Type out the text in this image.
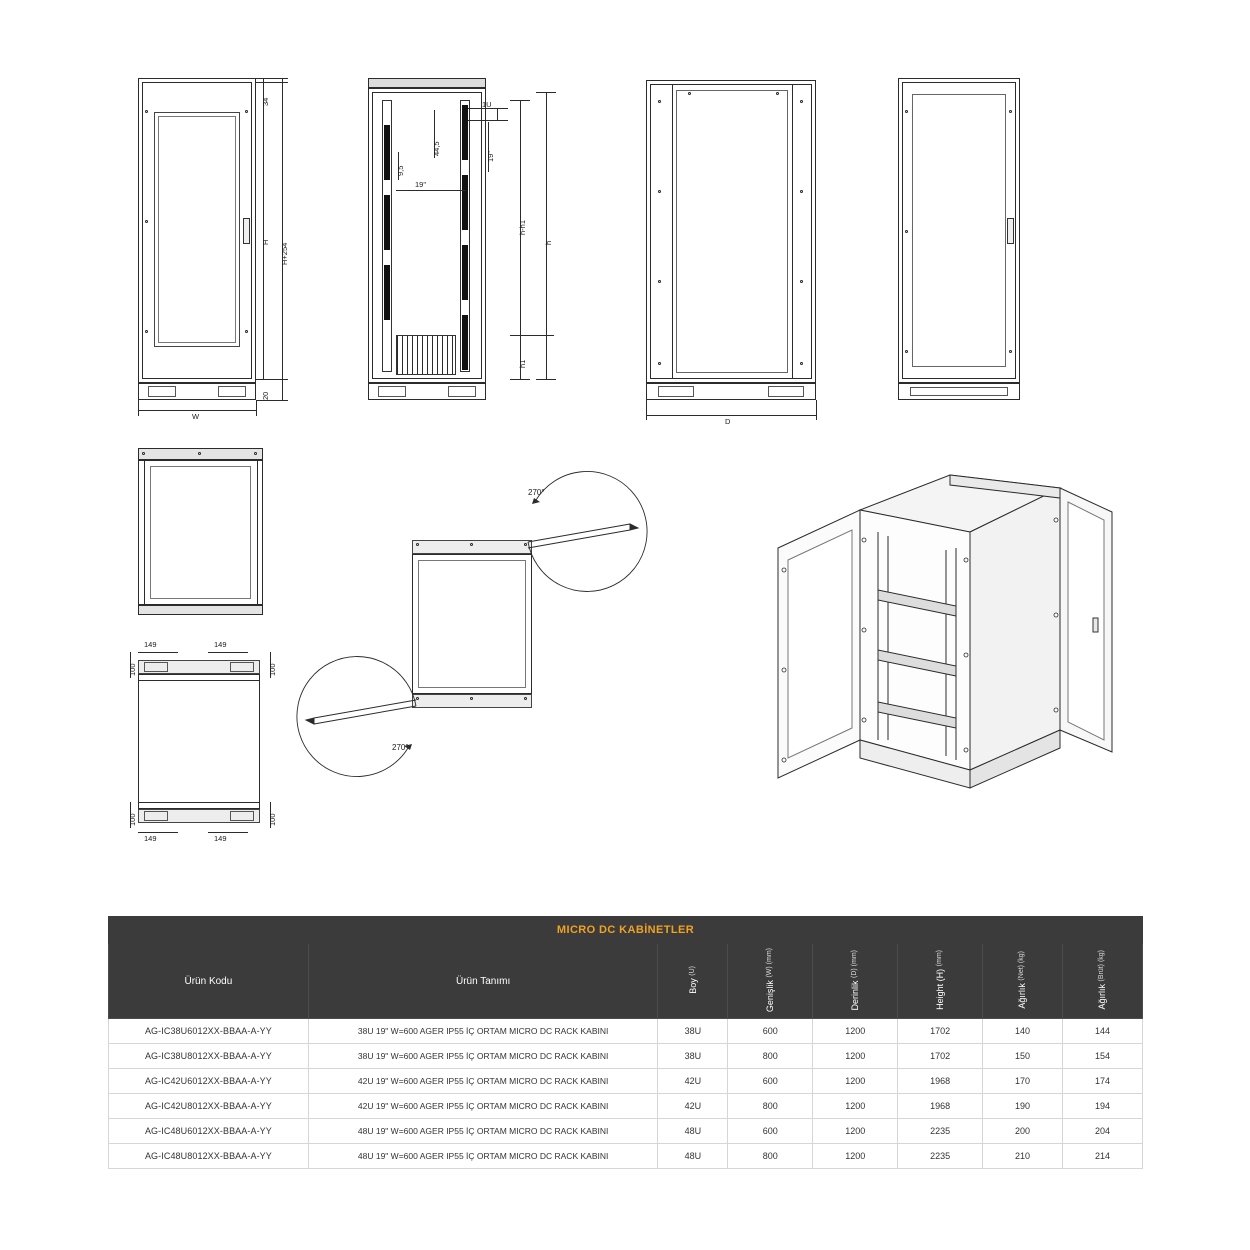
H
H+254
34
20
W
1U
19"
44,5
9,5
19"
h-h1
h
h1
D
149	149
100
100
100
100
149	149
270°
270°
MICRO DC KABİNETLER							
Ürün Kodu	Ürün Tanımı	Boy (U)	Genişlik (W) (mm)	Derinlik (D) (mm)	Height (H) (mm)	Ağırlık (Net) (kg)	Ağırlık (Brüt) (kg)
AG-IC38U6012XX-BBAA-A-YY	38U 19" W=600 AGER IP55 İÇ ORTAM MICRO DC RACK KABINI	38U	600	1200	1702	140	144
AG-IC38U8012XX-BBAA-A-YY	38U 19" W=600 AGER IP55 İÇ ORTAM MICRO DC RACK KABINI	38U	800	1200	1702	150	154
AG-IC42U6012XX-BBAA-A-YY	42U 19" W=600 AGER IP55 İÇ ORTAM MICRO DC RACK KABINI	42U	600	1200	1968	170	174
AG-IC42U8012XX-BBAA-A-YY	42U 19" W=600 AGER IP55 İÇ ORTAM MICRO DC RACK KABINI	42U	800	1200	1968	190	194
AG-IC48U6012XX-BBAA-A-YY	48U 19" W=600 AGER IP55 İÇ ORTAM MICRO DC RACK KABINI	48U	600	1200	2235	200	204
AG-IC48U8012XX-BBAA-A-YY	48U 19" W=600 AGER IP55 İÇ ORTAM MICRO DC RACK KABINI	48U	800	1200	2235	210	214
